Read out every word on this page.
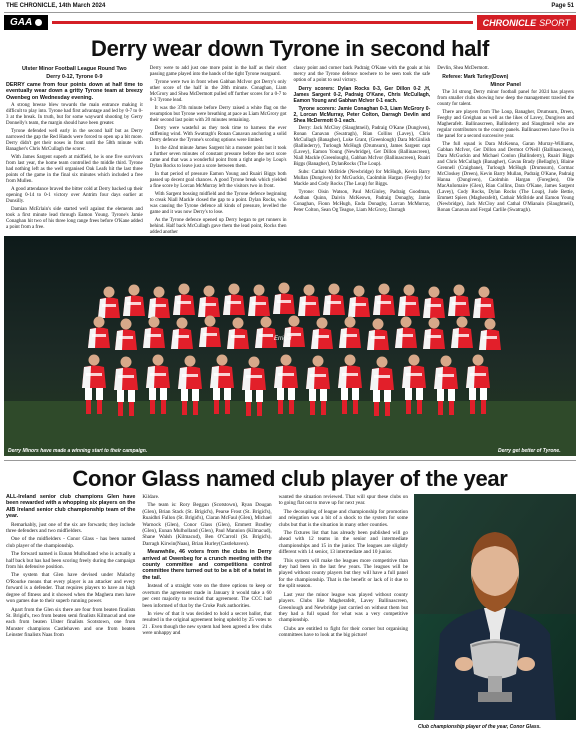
THE CHRONICLE, 14th March 2024	Page 51
GAA	CHRONICLE SPORT
Derry wear down Tyrone in second half

Ulster Minor Football League Round Two

Derry 0-12, Tyrone 0-9

DERRY came from four points down at half time to eventually wear down a gritty Tyrone team at breezy Owenbeg on Wednesday evening.

A strong breeze blew towards the main entrance making it difficult to play into. Tyrone had first advantage and led by 0-7 to 0-3 at the break. In truth, but for some wayward shooting by Gerry Donnelly's team, the margin should have been greater.

Tyrone defended well early in the second half but as Derry narrowed the gap the Red Hands were forced to open up a bit more. Derry didn't get their noses in front until the 58th minute with Banagher's Chris McCullagh the scorer.

With James Sargent superb at midfield, he is one five survivors from last year, the home team controlled the middle third. Tyrone had nothing left as the well organised Oak Leafs hit the last three points of the game in the final six minutes which included a free from Mullen.

A good attendance braved the bitter cold at Derry backed up their opening 0-14 to 0-1 victory over Antrim four days earlier at Dunsilly.

Damian McErlain's side started well against the elements and took a first minute lead through Eamon Young. Tyrone's Jamie Conaghan hit two of his three long range frees before O'Kane added a point from a free.

Derry were to add just one more point in the half as their short passing game played into the hands of the tight Tyrone rearguard.

Tyrone were two in front when Gabhan McIvor got Derry's only other score of the half in the 28th minute. Conaghan, Liam McGrory and Shea McDermott pulled off further scores for a 0-7 to 0-3 Tyrone lead.

It was the 37th minute before Derry raised a white flag on the resumption but Tyrone were breathing at pace as Liam McGrory got their second last point with 20 minutes remaining.

Derry were wasteful as they took time to harness the ever stiffening wind. With Swatragh's Ronan Canavan anchoring a solid Derry defence the Tyrone's scoring options were limited.

In the 42nd minute James Sargent hit a monster point but it took a further seven minutes of constant pressure before the next score came and that was a wonderful point from a tight angle by Loup's Dylan Rocks to leave just a score between them.

In that period of pressure Eamon Young and Ruairi Biggs both passed up decent goal chances. A good Tyrone break which yielded a fine score by Lorcan McMurray left the visitors two in front.

With Sargent bossing midfield and the Tyrone defence beginning to creak Niall Mackle closed the gap to a point. Dylan Rocks, who was causing the Tyrone defence all kinds of pressure, levelled the game and it was now Derry's to lose.

As the Tyrone defence opened up Derry began to get runners in behind. Half back McCullagh gave them the lead point, Rocks then added another

classy point and corner back Padraig O'Kane with the goals at his mercy and the Tyrone defence nowhere to be seen took the safe option of a point to seal victory.

Derry scorers: Dylan Rocks 0-3, Ger Dillon 0-2 ,H, James Sargent 0-2, Padraig O'Kane, Chris McCullagh, Eamon Young and Gabhan McIvor 0-1 each.

Tyrone scorers: Jamie Conaghan 0-3, Liam McGrory 0-2, Lorcan McMurray, Peter Colton, Darragh Devlin and Shea McDermott 0-1 each.

Derry: Jack McCloy (Slaughtneil), Padraig O'Kane (Dungiven), Ronan Canavan (Swatragh), Rian Collins (Lavey), Chris McCullagh (Banagher), Luke Grant, (Greenlough) Dara McGinlish (Ballinderry), Turlough McHugh (Drumsurn), James Sargent capt (Lavey), Eamon Young (Newbridge), Ger Dillon (Ballinascreen), Niall Mackle (Greenlough), Gabhan McIvor (Ballinascreen), Ruairi Biggs (Banagher), DylanRocks (The Loup).

Subs: Cathair McBride (Newbridge) for McHugh, Kevin Barry Mullan (Dungiven) for McGuckin, Caolmhin Hargan (Feeghy) for Mackle and Cody Rocks (The Loup) for Biggs.

Tyrone: Oisin Watson, Paul McGinley, Padraig Goodman, Aodhan Quinn, Daivin McKeown, Padraig Donaghy, Jamie Conaghan, Fionn McHugh, Enda Donaghy, Lorcan McMurray, Peter Colton, Sean Og Teague, Liam McGrory, Darragh

Devlin, Shea McDermott.

Referee: Mark Turley(Down)

Minor Panel

The 34 strong Derry minor football panel for 2024 has players from smaller clubs showing how deep the management trawled the county for talent.

There are players from The Loup, Banagher, Drumsurn, Dreen, Feeghy and Greighan as well as the likes of Lavey, Dungiven and Magherafelt. Ballinascreen, Ballinderry and Slaughtneil who are regular contributors to the county panels. Ballinascreen have five in the panel for a second successive year.

The full squad is Dara McKenna, Garan Murray-Williams, Gabhan McIvor, Ger Dillon and Dermot O'Neill (Ballinascreen), Dara McGuckin and Michael Conlon (Ballinderry), Ruairi Biggs and Chris McCullagh (Banagher), Gavan Brady (Bellaghy), Blaine Grennell (Craigbane), Turlough McHugh (Drumsurn), Cormac McCloskey (Dreen), Kevin Barry Mullan, Padraig O'Kane, Padraig Hanna (Dungiven), Caolmhin Hargan (Foreglen), Ole MacAnIomaire (Glen), Rian Collins, Dara O'Kane, James Sargent (Lavey), Cody Rocks, Dylan Rocks (The Loup), Jude Bettie, Emmett Spiers (Magherafelt), Cathair McBride and Eamon Young (Newbridge), Jack McCloy and Cathal O'Mianain (Slaughtneil), Ronan Canavan and Fergal Carlile (Swatragh).

Errigal
Derry Minors have made a winning start to their campaign.	Derry get better of Tyrone.
Conor Glass named club player of the year

ALL-Ireland senior club champions Glen have been rewarded with a whopping six players on the AIB Ireland senior club championship team of the year.

Remarkably, just one of the six are forwards; they include three defenders and two midfielders.

One of the midfielders - Conor Glass - has been named club player of the championship.

The forward named is Eunan Mulholland who is actually a half back but has had been scoring freely during the campaign from his defensive position.

The system that Glen have devised under Malachy O'Rourke means that every player is an attacker and every forward is a defender. That requires players to have an high degree of fitness and it showed when the Maghera men have won games due to their superb running power.

Apart from the Glen six there are four from beaten finalists St. Brigid's, two from beaten semi finalists Kilmacud and one each from beaten Ulster finalists Scotstown, one from Munster champions Castlehaven and one from beaten Leinster finalists Naas from

Kildare.

The team is: Rory Beggan (Scotstown), Ryan Dougan (Glen), Brian Stack (St. Brigid's), Pearse Frost (St. Brigid's), Ruaidhri Fallon (St. Brigid's), Ciaran McFaul (Glen), Michael Warnock (Glen), Conor Glass (Glen), Emmett Bradley (Glen), Eunan Mulholland (Glen), Paul Mannion (Kilmacud), Shane Walsh (Kilmacud), Ben O'Carroll (St. Brigid's), Darragh Kirwin(Naas), Brian Hurley(Castlehaven).

Meanwhile, 46 voters from the clubs in Derry arrived at Owenbeg for a crunch meeting with the county committee and competitions control committee there turned out to be a bit of a twist in the tail.

Instead of a straight vote on the three options to keep or overturn the agreement made in January it would take a 60 per cent majority to rescind that agreement. The CCC had been informed of that by the Croke Park authorities.

In view of that it was decided to hold a secret ballot, that resulted in the original agreement being upheld by 25 votes to 21 . Even though the new system had been agreed a few clubs were unhappy and

wanted the situation reviewed. That will spur these clubs on to going flat out to move up for next year.

The decoupling of league and championship for promotion and relegation was a bit of a shock to the system for some clubs but that is the situation in many other counties.

The fixtures list that has already been published will go ahead with 12 teams in the senior and intermediate championships and 15 in the junior. The leagues are slightly different with 14 senior, 13 intermediate and 10 junior.

This system will make the leagues more competitive than they had been in the last few years. The leagues will be played without county players but they will have a full panel for the championship. That is the benefit or lack of it due to the split season.

Last year the minor league was played without county players. Clubs like Magherafelt, Lavey Ballinascreen, Greenlough and Newbridge just carried on without them but they had a full squad for what was a very competitive championship.

Clubs are entitled to fight for their corner but organising committees have to look at the big picture!

Club championship player of the year, Conor Glass.
